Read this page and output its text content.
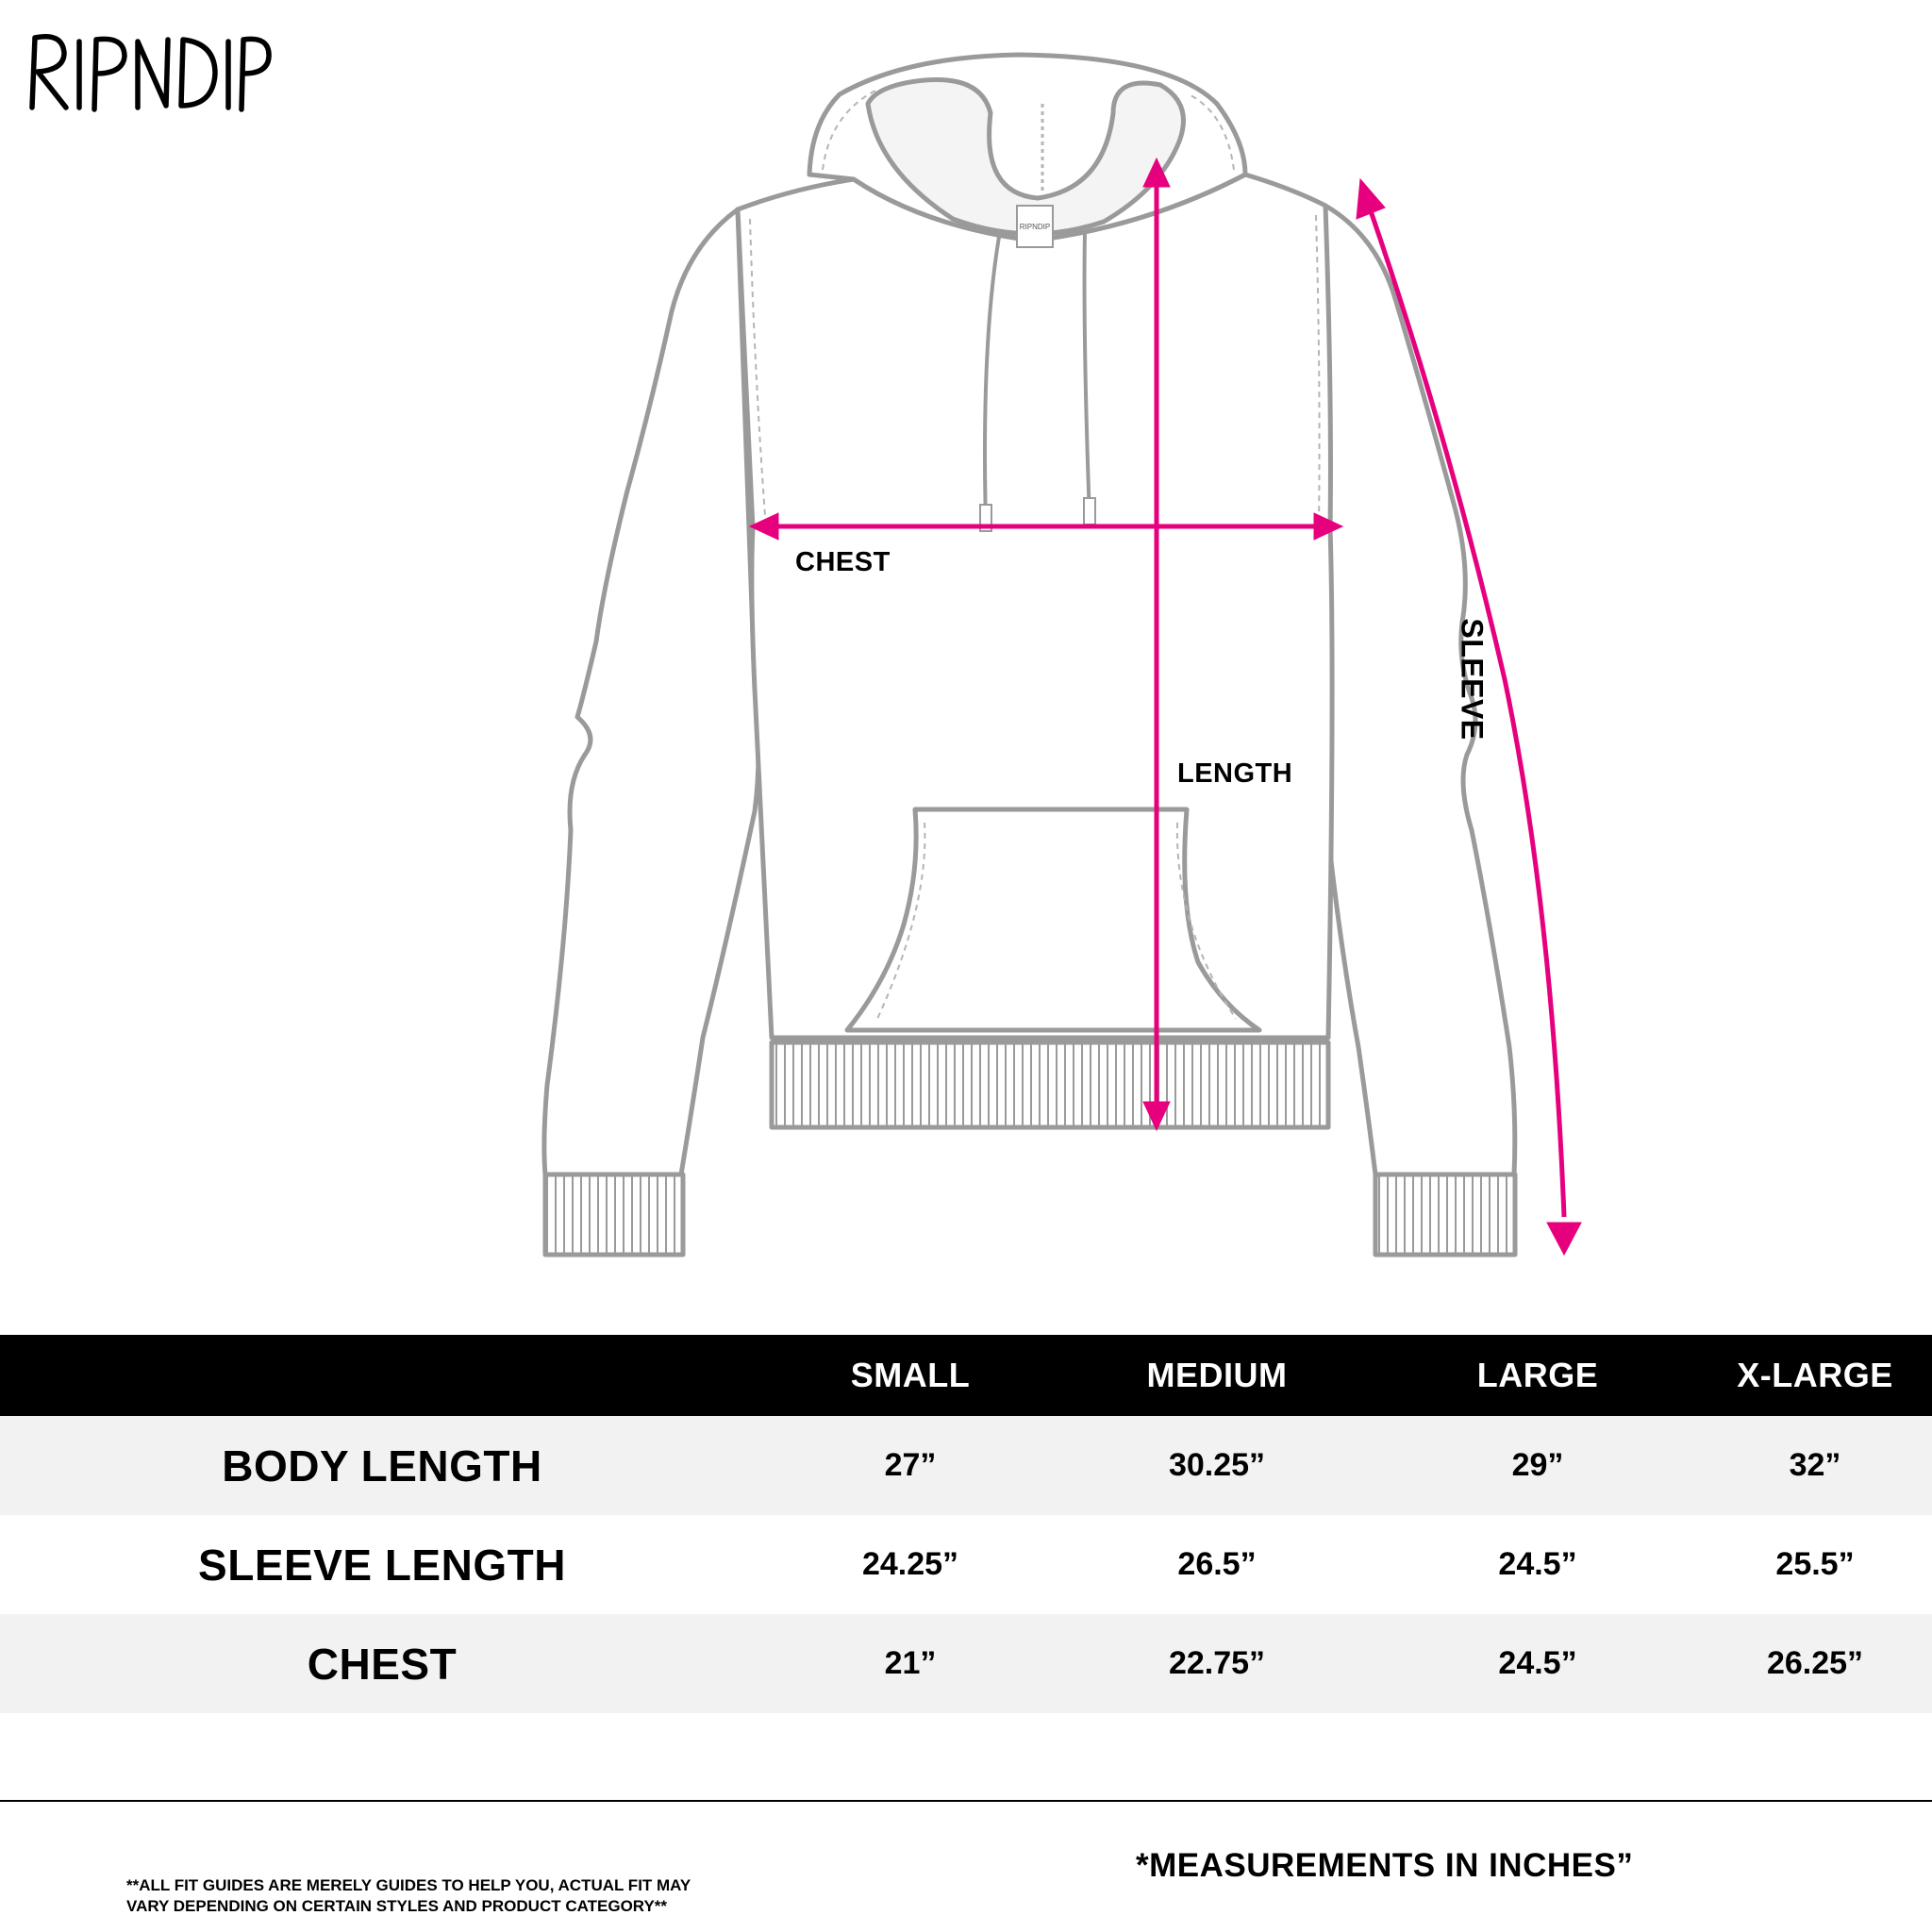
RIPNDIP
CHEST
LENGTH
SLEEVE
	SMALL	MEDIUM	LARGE	X-LARGE
BODY LENGTH	27”	30.25”	29”	32”
SLEEVE LENGTH	24.25”	26.5”	24.5”	25.5”
CHEST	21”	22.75”	24.5”	26.25”
**ALL FIT GUIDES ARE MERELY GUIDES TO HELP YOU, ACTUAL FIT MAY
VARY DEPENDING ON CERTAIN STYLES AND PRODUCT CATEGORY**
*MEASUREMENTS IN INCHES”
